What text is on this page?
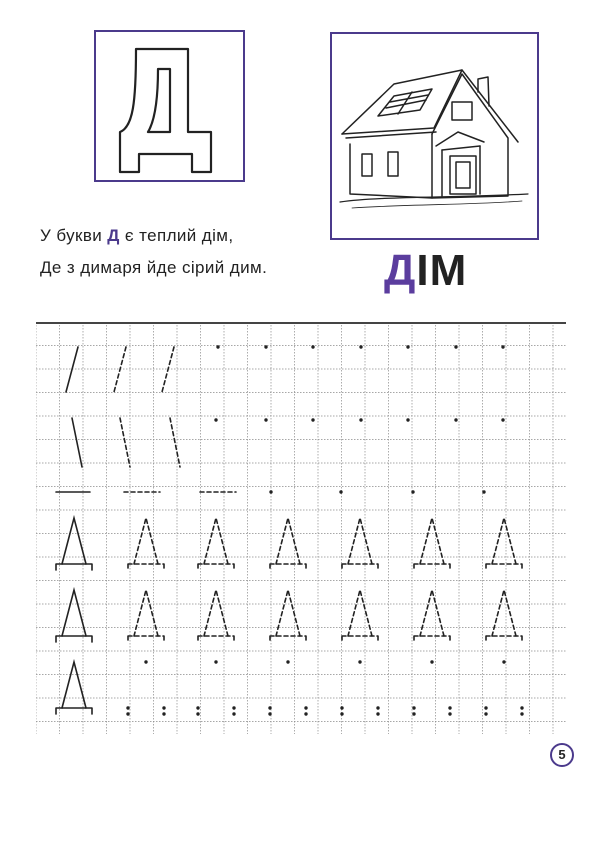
У букви Д є теплий дім,
Де з димаря йде сірий дим.	ДІМ
5
